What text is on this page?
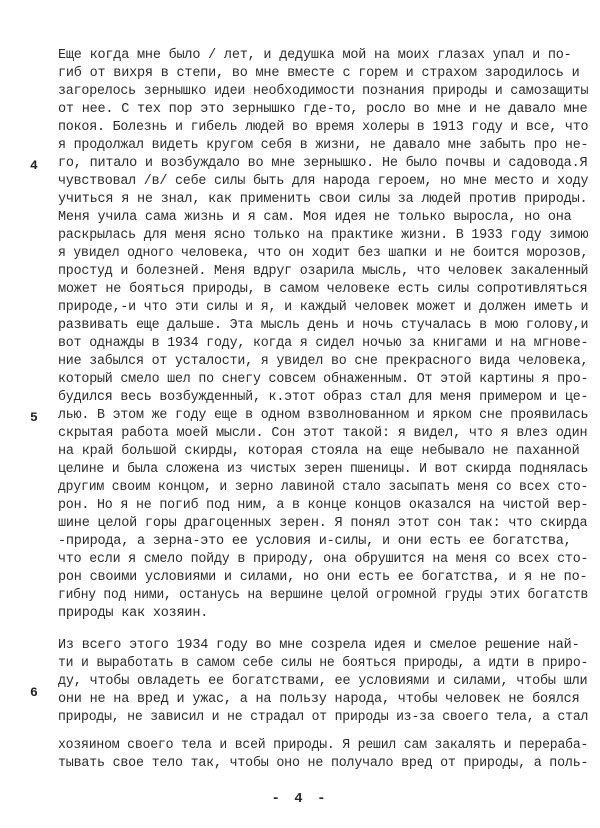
4
5
6
Еще когда мне было / лет, и дедушка мой на моих глазах упал и по-
гиб от вихря в степи, во мне вместе с горем и страхом зародилось и
загорелось зернышко идеи необходимости познания природы и самозащиты
от нее. С тех пор это зернышко где-то, росло во мне и не давало мне
покоя. Болезнь и гибель людей во время холеры в 1913 году и все, что
я продолжал видеть кругом себя в жизни, не давало мне забыть про не-
го, питало и возбуждало во мне зернышко. Не было почвы и садовода.Я
чувствовал /в/ себе силы быть для народа героем, но мне место и ходу
учиться я не знал, как применить свои силы за людей против природы.
Меня учила сама жизнь и я сам. Моя идея не только выросла, но она
раскрылась для меня ясно только на практике жизни. В 1933 году зимою
я увидел одного человека, что он ходит без шапки и не боится морозов,
простуд и болезней. Меня вдруг озарила мысль, что человек закаленный
может не бояться природы, в самом человеке есть силы сопротивляться
природе,-и что эти силы и я, и каждый человек может и должен иметь и
развивать еще дальше. Эта мысль день и ночь стучалась в мою голову,и
вот однажды в 1934 году, когда я сидел ночью за книгами и на мгнове-
ние забылся от усталости, я увидел во сне прекрасного вида человека,
который смело шел по снегу совсем обнаженным. От этой картины я про-
будился весь возбужденный, к.этот образ стал для меня примером и це-
лью. В этом же году еще в одном взволнованном и ярком сне проявилась
скрытая работа моей мысли. Сон этот такой: я видел, что я влез один
на край большой скирды, которая стояла на еще небывало не паханной
целине и была сложена из чистых зерен пшеницы. И вот скирда поднялась
другим своим концом, и зерно лавиной стало засыпать меня со всех сто-
рон. Но я не погиб под ним, а в конце концов оказался на чистой вер-
шине целой горы драгоценных зерен. Я понял этот сон так: что скирда
-природа, а зерна-это ее условия и-силы, и они есть ее богатства,
что если я смело пойду в природу, она обрушится на меня со всех сто-
рон своими условиями и силами, но они есть ее богатства, и я не по-
гибну под ними, останусь на вершине целой огромной груды этих богатств
природы как хозяин.
Из всего этого 1934 году во мне созрела идея и смелое решение най-
ти и выработать в самом себе силы не бояться природы, а идти в приро-
ду, чтобы овладеть ее богатствами, ее условиями и силами, чтобы шли
они не на вред и ужас, а на пользу народа, чтобы человек не боялся
природы, не зависил и не страдал от природы из-за своего тела, а стал
хозяином своего тела и всей природы. Я решил сам закалять и перераба-
тывать свое тело так, чтобы оно не получало вред от природы, а поль-
- 4 -
